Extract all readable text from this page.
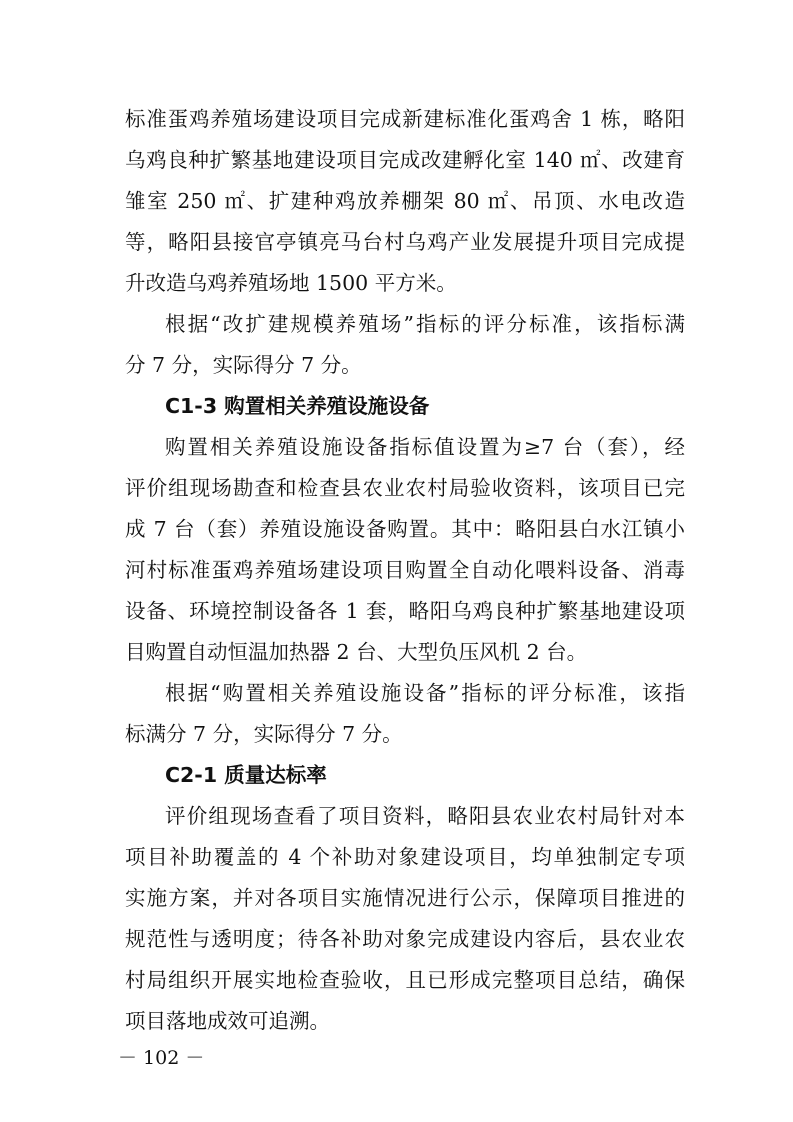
标准蛋鸡养殖场建设项目完成新建标准化蛋鸡舍 1 栋，略阳
乌鸡良种扩繁基地建设项目完成改建孵化室 140 ㎡、改建育
雏室 250 ㎡、扩建种鸡放养棚架 80 ㎡、吊顶、水电改造
等，略阳县接官亭镇亮马台村乌鸡产业发展提升项目完成提
升改造乌鸡养殖场地 1500 平方米。
根据“改扩建规模养殖场”指标的评分标准，该指标满
分 7 分，实际得分 7 分。
C1-3 购置相关养殖设施设备
购置相关养殖设施设备指标值设置为≥7 台（套），经
评价组现场勘查和检查县农业农村局验收资料，该项目已完
成 7 台（套）养殖设施设备购置。其中：略阳县白水江镇小
河村标准蛋鸡养殖场建设项目购置全自动化喂料设备、消毒
设备、环境控制设备各 1 套，略阳乌鸡良种扩繁基地建设项
目购置自动恒温加热器 2 台、大型负压风机 2 台。
根据“购置相关养殖设施设备”指标的评分标准，该指
标满分 7 分，实际得分 7 分。
C2-1 质量达标率
评价组现场查看了项目资料，略阳县农业农村局针对本
项目补助覆盖的 4 个补助对象建设项目，均单独制定专项
实施方案，并对各项目实施情况进行公示，保障项目推进的
规范性与透明度；待各补助对象完成建设内容后，县农业农
村局组织开展实地检查验收，且已形成完整项目总结，确保
－ 102 －
项目落地成效可追溯。
